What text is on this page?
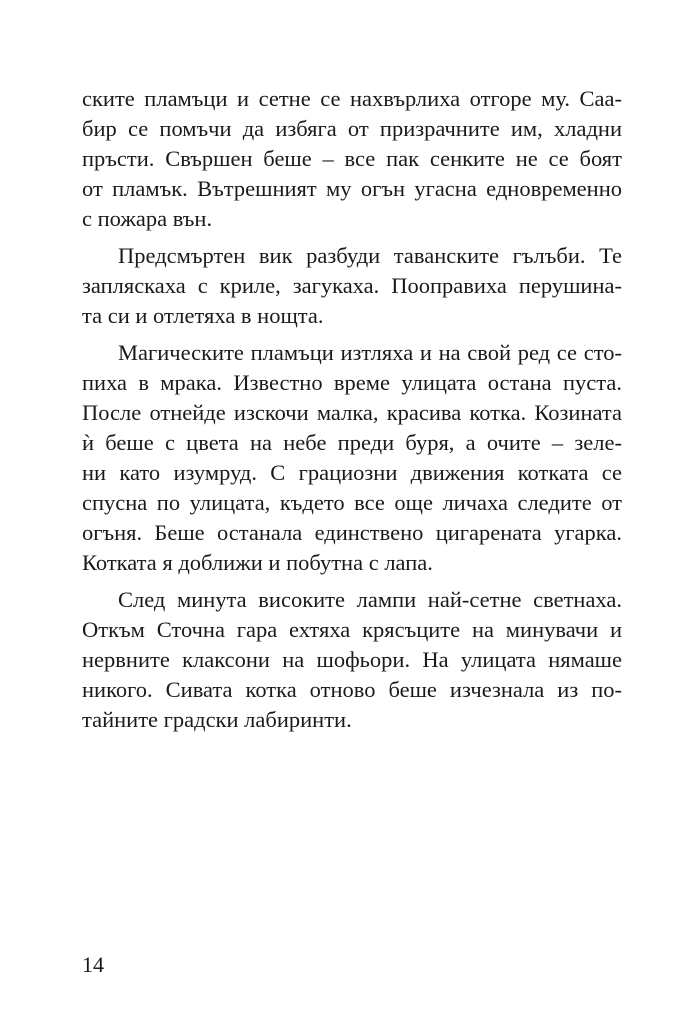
ските пламъци и сетне се нахвърлиха отгоре му. Саа-
бир се помъчи да избяга от призрачните им, хладни
пръсти. Свършен беше – все пак сенките не се боят
от пламък. Вътрешният му огън угасна едновременно
с пожара вън.
Предсмъртен вик разбуди таванските гълъби. Те
запляскаха с криле, загукаха. Пооправиха перушина-
та си и отлетяха в нощта.
Магическите пламъци изтляха и на свой ред се сто-
пиха в мрака. Известно време улицата остана пуста.
После отнейде изскочи малка, красива котка. Козината
ѝ беше с цвета на небе преди буря, а очите – зеле-
ни като изумруд. С грациозни движения котката се
спусна по улицата, където все още личаха следите от
огъня. Беше останала единствено цигарената угарка.
Котката я доближи и побутна с лапа.
След минута високите лампи най-сетне светнаха.
Откъм Сточна гара ехтяха крясъците на минувачи и
нервните клаксони на шофьори. На улицата нямаше
никого. Сивата котка отново беше изчезнала из по-
тайните градски лабиринти.
14
